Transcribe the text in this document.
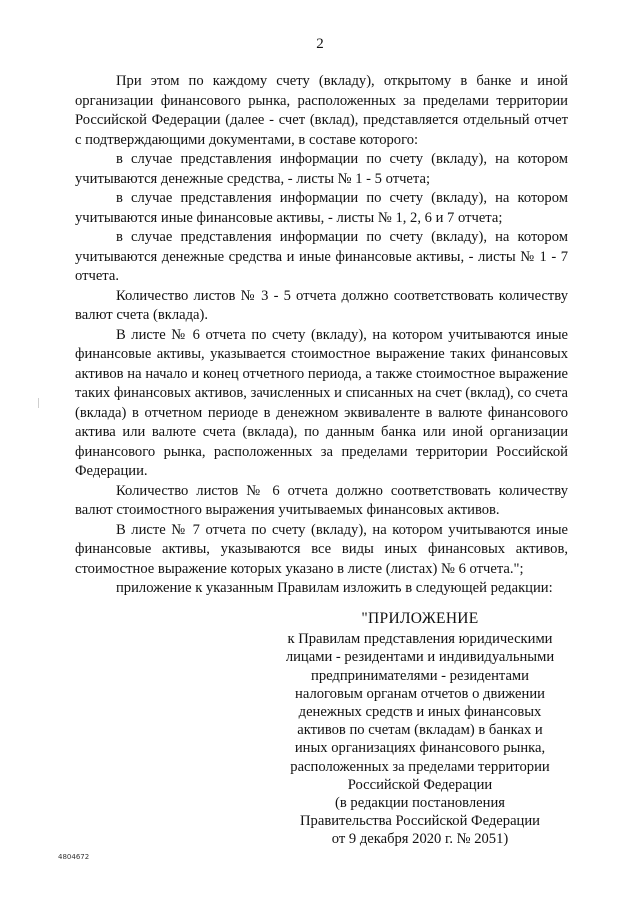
2

При этом по каждому счету (вкладу), открытому в банке и иной организации финансового рынка, расположенных за пределами территории Российской Федерации (далее - счет (вклад), представляется отдельный отчет с подтверждающими документами, в составе которого:

в случае представления информации по счету (вкладу), на котором учитываются денежные средства, - листы № 1 - 5 отчета;

в случае представления информации по счету (вкладу), на котором учитываются иные финансовые активы, - листы № 1, 2, 6 и 7 отчета;

в случае представления информации по счету (вкладу), на котором учитываются денежные средства и иные финансовые активы, - листы № 1 - 7 отчета.

Количество листов № 3 - 5 отчета должно соответствовать количеству валют счета (вклада).

В листе № 6 отчета по счету (вкладу), на котором учитываются иные финансовые активы, указывается стоимостное выражение таких финансовых активов на начало и конец отчетного периода, а также стоимостное выражение таких финансовых активов, зачисленных и списанных на счет (вклад), со счета (вклада) в отчетном периоде в денежном эквиваленте в валюте финансового актива или валюте счета (вклада), по данным банка или иной организации финансового рынка, расположенных за пределами территории Российской Федерации.

Количество листов № 6 отчета должно соответствовать количеству валют стоимостного выражения учитываемых финансовых активов.

В листе № 7 отчета по счету (вкладу), на котором учитываются иные финансовые активы, указываются все виды иных финансовых активов, стоимостное выражение которых указано в листе (листах) № 6 отчета.";

приложение к указанным Правилам изложить в следующей редакции:

"ПРИЛОЖЕНИЕ
к Правилам представления юридическими
лицами - резидентами и индивидуальными
предпринимателями - резидентами
налоговым органам отчетов о движении
денежных средств и иных финансовых
активов по счетам (вкладам) в банках и
иных организациях финансового рынка,
расположенных за пределами территории
Российской Федерации
(в редакции постановления
Правительства Российской Федерации
от 9 декабря 2020 г. № 2051)
4804672
